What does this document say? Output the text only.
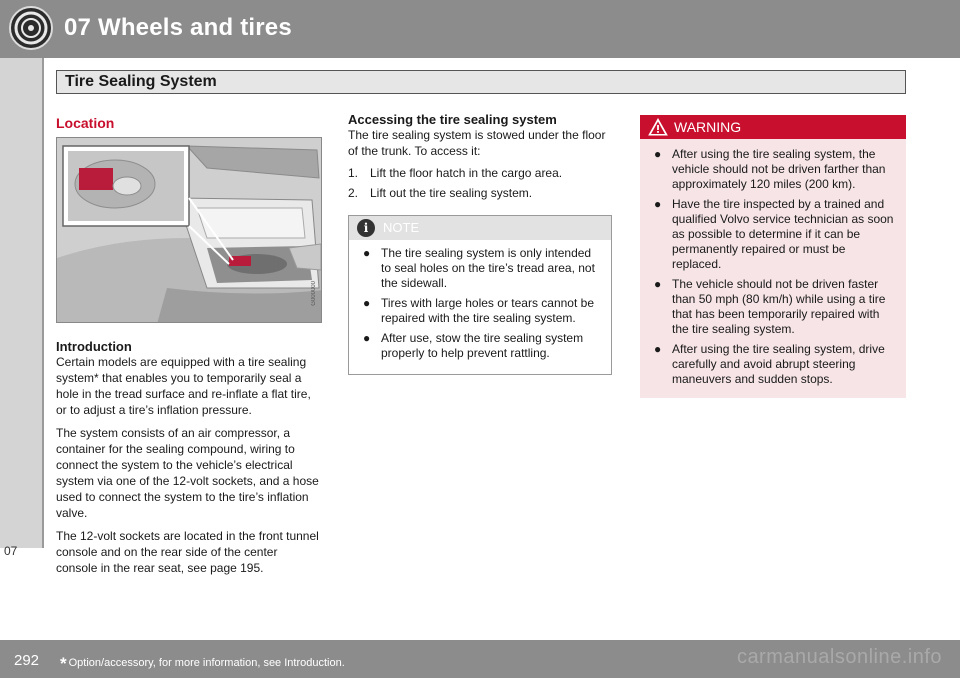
07 Wheels and tires
Tire Sealing System
07
Location
G000000
Introduction

Certain models are equipped with a tire sealing system* that enables you to temporarily seal a hole in the tread surface and re-inflate a flat tire, or to adjust a tire’s inflation pressure.

The system consists of an air compressor, a container for the sealing compound, wiring to connect the system to the vehicle’s electrical system via one of the 12-volt sockets, and a hose used to connect the system to the tire’s inflation valve.

The 12-volt sockets are located in the front tunnel console and on the rear side of the center console in the rear seat, see page 195.

Accessing the tire sealing system

The tire sealing system is stowed under the floor of the trunk. To access it:

1. Lift the floor hatch in the cargo area.
2. Lift out the tire sealing system.
i	NOTE
● The tire sealing system is only intended to seal holes on the tire’s tread area, not the sidewall.
● Tires with large holes or tears cannot be repaired with the tire sealing system.
● After use, stow the tire sealing system properly to help prevent rattling.
WARNING
● After using the tire sealing system, the vehicle should not be driven farther than approximately 120 miles (200 km).
● Have the tire inspected by a trained and qualified Volvo service technician as soon as possible to determine if it can be permanently repaired or must be replaced.
● The vehicle should not be driven faster than 50 mph (80 km/h) while using a tire that has been temporarily repaired with the tire sealing system.
● After using the tire sealing system, drive carefully and avoid abrupt steering maneuvers and sudden stops.
292 * Option/accessory, for more information, see Introduction.	carmanualsonline.info
